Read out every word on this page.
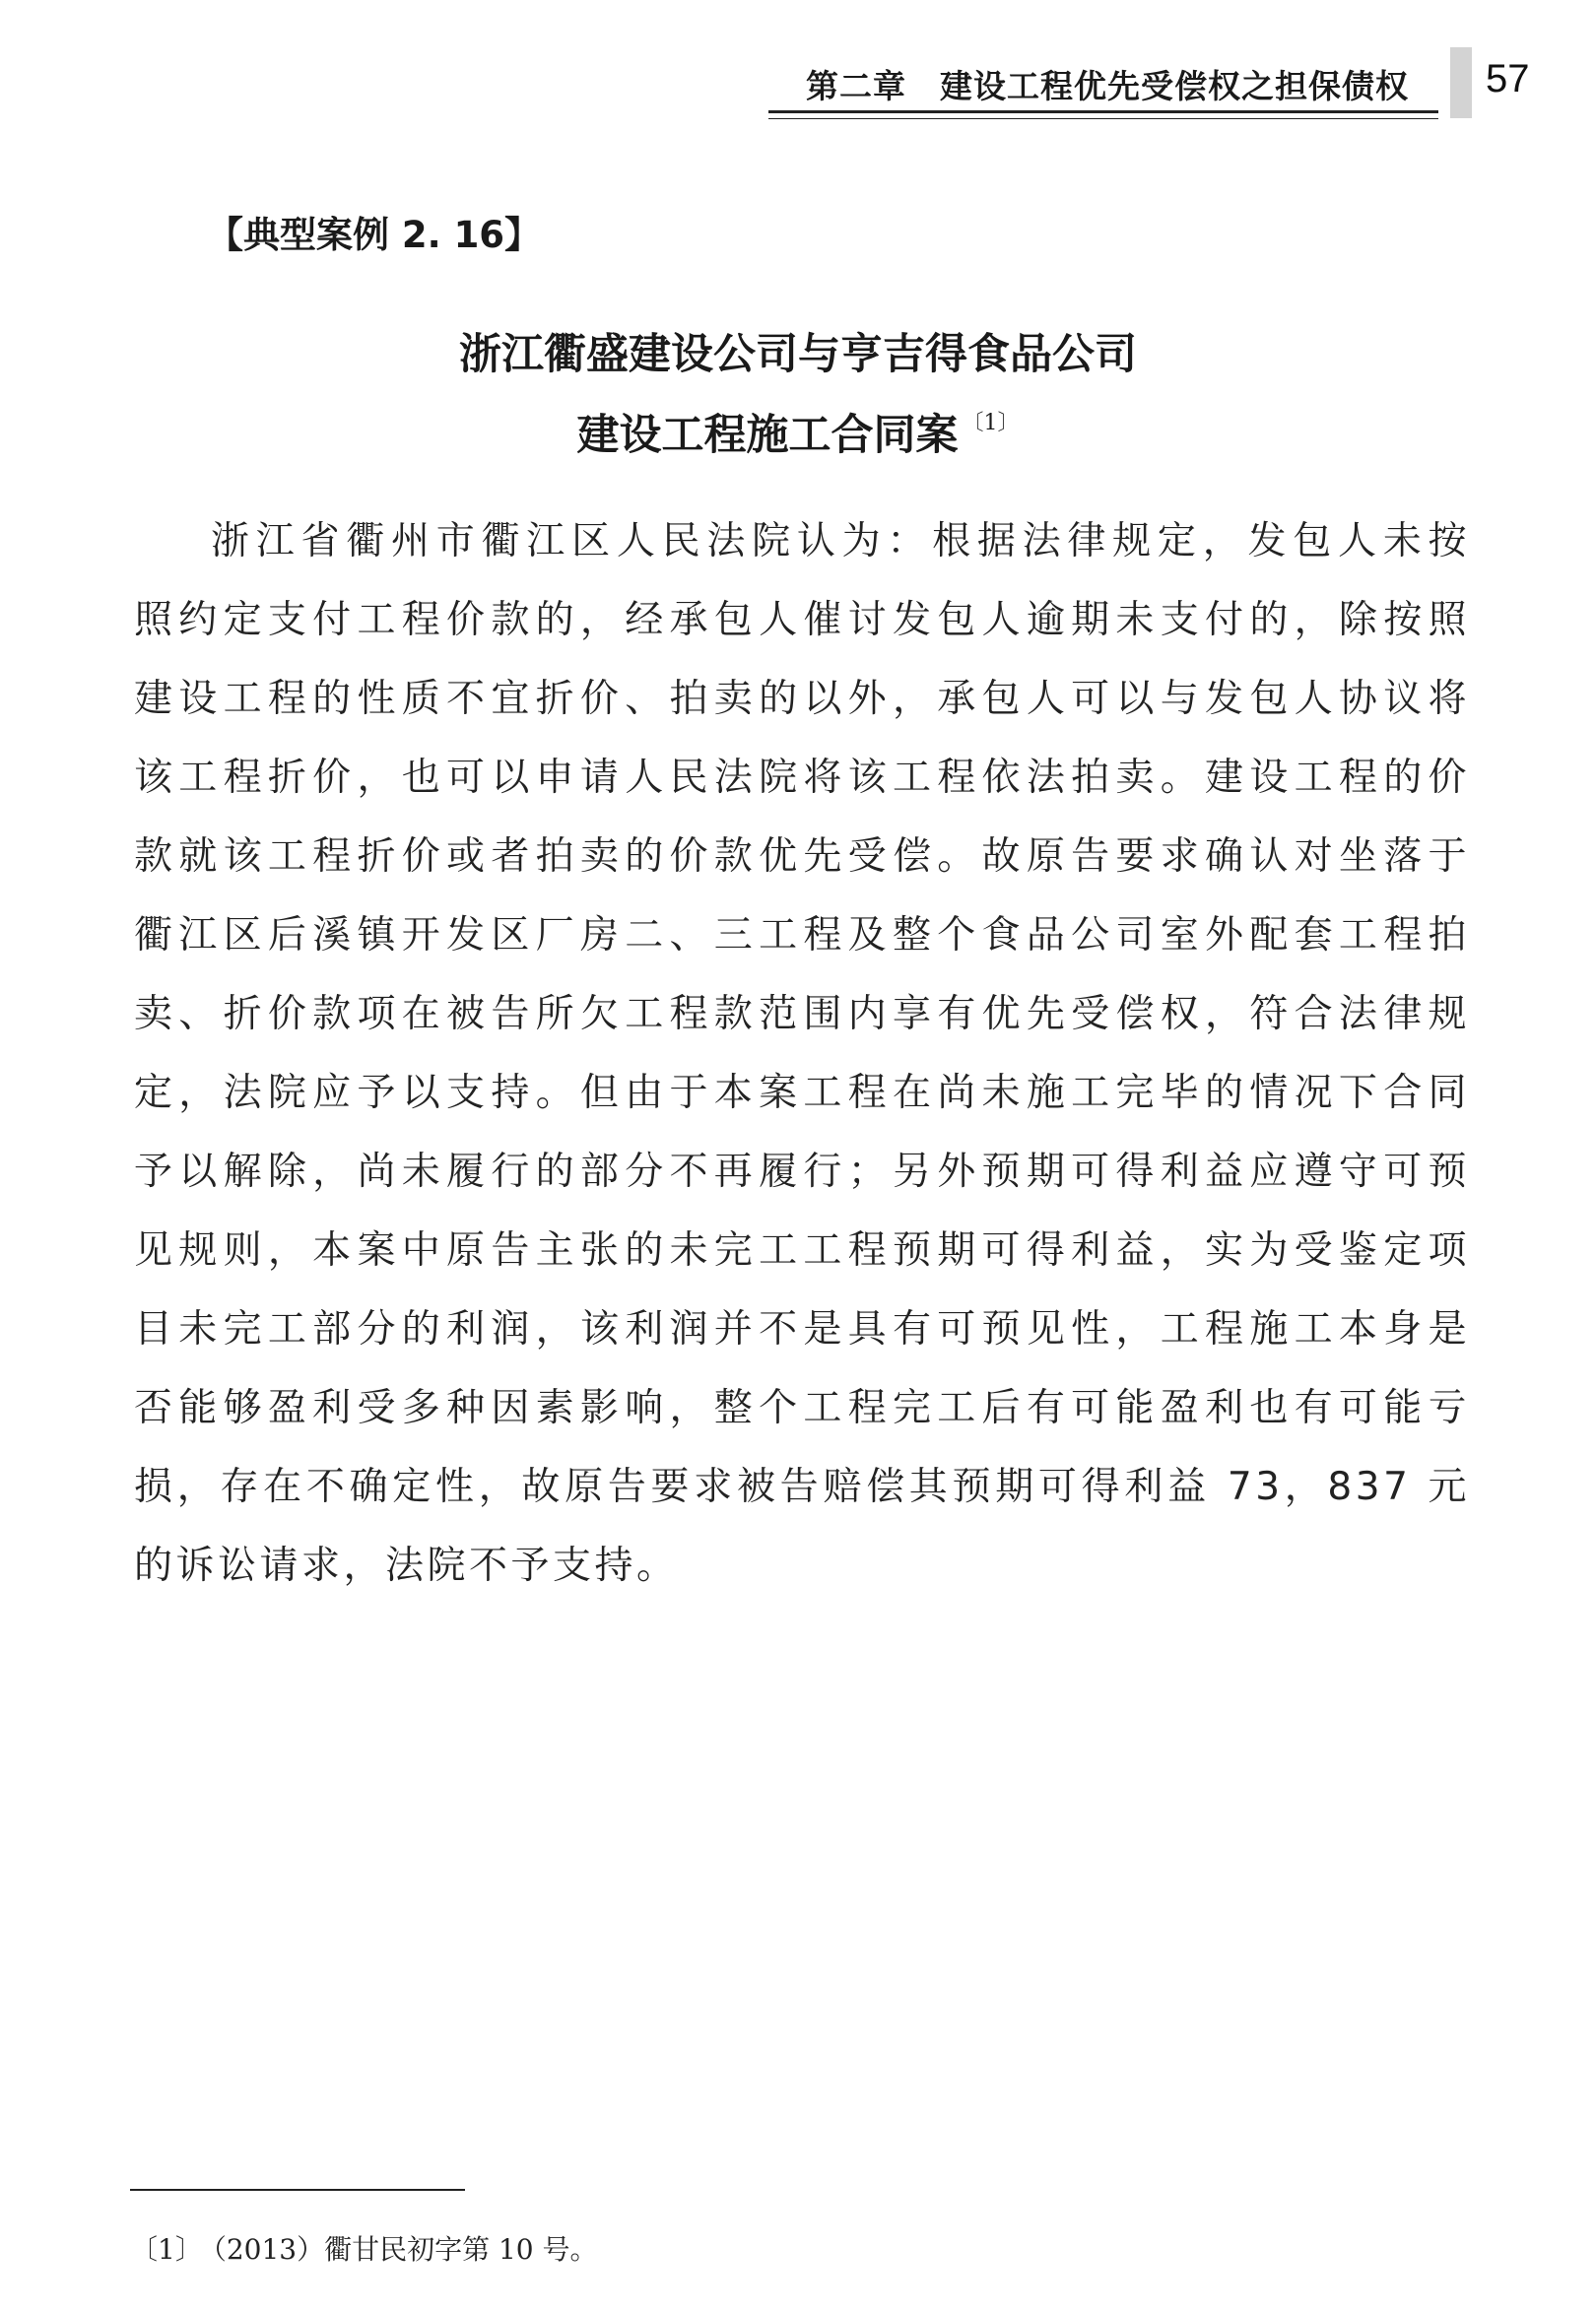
第二章　建设工程优先受偿权之担保债权 57
【典型案例 2. 16】
浙江衢盛建设公司与亨吉得食品公司
建设工程施工合同案 $^{〔1〕}$
浙江省衢州市衢江区人民法院认为：根据法律规定，发包人未按
照约定支付工程价款的，经承包人催讨发包人逾期未支付的，除按照
建设工程的性质不宜折价、拍卖的以外，承包人可以与发包人协议将
该工程折价，也可以申请人民法院将该工程依法拍卖。建设工程的价
款就该工程折价或者拍卖的价款优先受偿。故原告要求确认对坐落于
衢江区后溪镇开发区厂房二、三工程及整个食品公司室外配套工程拍
卖、折价款项在被告所欠工程款范围内享有优先受偿权，符合法律规
定，法院应予以支持。但由于本案工程在尚未施工完毕的情况下合同
予以解除，尚未履行的部分不再履行；另外预期可得利益应遵守可预
见规则，本案中原告主张的未完工工程预期可得利益，实为受鉴定项
目未完工部分的利润，该利润并不是具有可预见性，工程施工本身是
否能够盈利受多种因素影响，整个工程完工后有可能盈利也有可能亏
损，存在不确定性，故原告要求被告赔偿其预期可得利益 73，837 元
的诉讼请求，法院不予支持。
〔1〕 （2013）衢甘民初字第 10 号。
